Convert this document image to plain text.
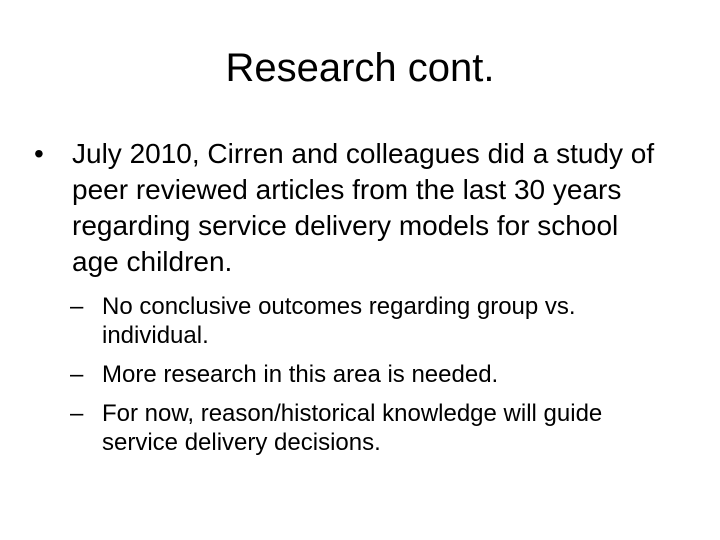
Research cont.
•	July 2010, Cirren and colleagues did a study of peer reviewed articles from the last 30 years regarding service delivery models for school age children.
– No conclusive outcomes regarding group vs. individual.
– More research in this area is needed.
– For now, reason/historical knowledge will guide service delivery decisions.
